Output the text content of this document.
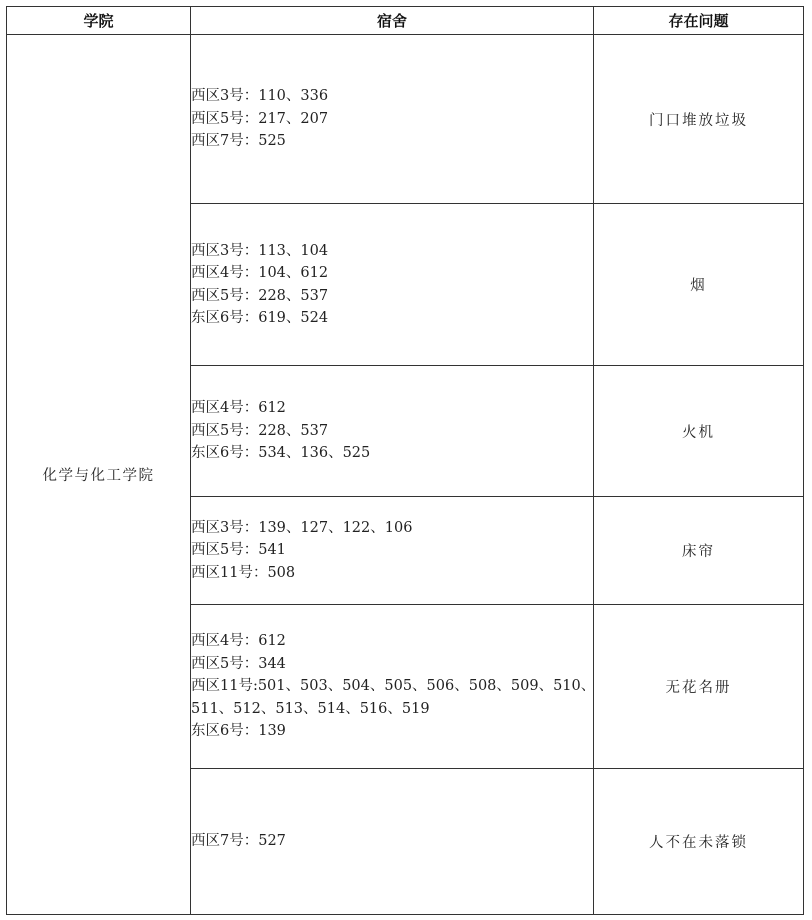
学院	宿舍	存在问题
化学与化工学院	西区3号：110、336
西区5号：217、207
西区7号：525	门口堆放垃圾

	西区3号：113、104
西区4号：104、612
西区5号：228、537
东区6号：619、524	烟

	西区4号：612
西区5号：228、537
东区6号：534、136、525	火机

	西区3号：139、127、122、106
西区5号：541
西区11号：508	床帘

	西区4号：612
西区5号：344
西区11号:501、503、504、505、506、508、509、510、
511、512、513、514、516、519
东区6号：139	无花名册

	西区7号：527	人不在未落锁
